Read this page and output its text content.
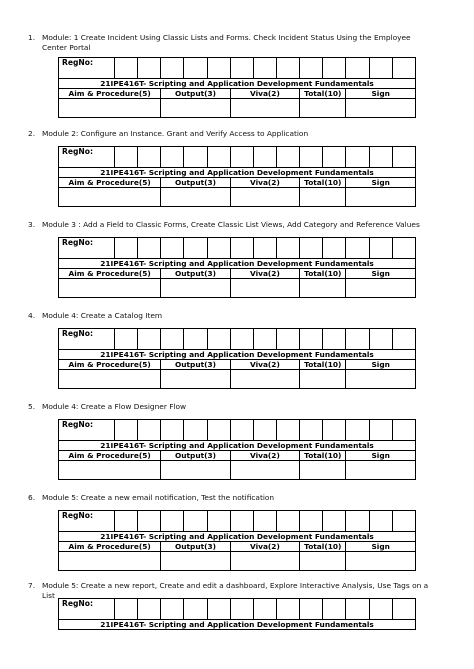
1. Module: 1 Create Incident Using Classic Lists and Forms. Check Incident Status Using the Employee Center Portal
RegNo:													
21IPE416T- Scripting and Application Development Fundamentals													
Aim & Procedure(5)			Output(3)			Viva(2)			Total(10)		Sign		

2. Module 2: Configure an Instance. Grant and Verify Access to Application
RegNo:													
21IPE416T- Scripting and Application Development Fundamentals													
Aim & Procedure(5)			Output(3)			Viva(2)			Total(10)		Sign		

3. Module 3 : Add a Field to Classic Forms, Create Classic List Views, Add Category and Reference Values
RegNo:													
21IPE416T- Scripting and Application Development Fundamentals													
Aim & Procedure(5)			Output(3)			Viva(2)			Total(10)		Sign		

4. Module 4: Create a Catalog Item
RegNo:													
21IPE416T- Scripting and Application Development Fundamentals													
Aim & Procedure(5)			Output(3)			Viva(2)			Total(10)		Sign		

5. Module 4: Create a Flow Designer Flow
RegNo:													
21IPE416T- Scripting and Application Development Fundamentals													
Aim & Procedure(5)			Output(3)			Viva(2)			Total(10)		Sign		

6. Module 5: Create a new email notification, Test the notification
RegNo:													
21IPE416T- Scripting and Application Development Fundamentals													
Aim & Procedure(5)			Output(3)			Viva(2)			Total(10)		Sign		

7. Module 5: Create a new report, Create and edit a dashboard, Explore Interactive Analysis, Use Tags on a List
RegNo:													
21IPE416T- Scripting and Application Development Fundamentals
